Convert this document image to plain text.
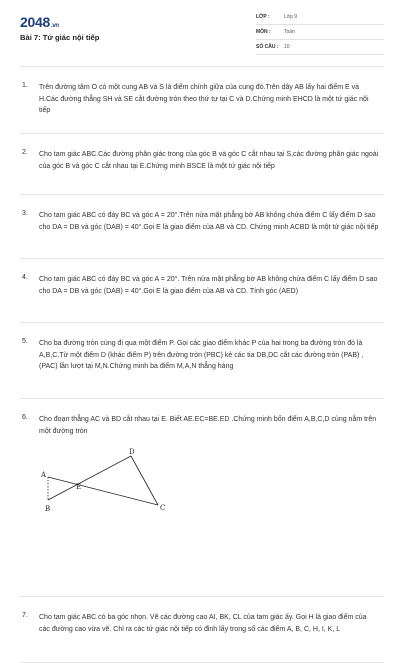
2048.vn
Bài 7: Tứ giác nội tiếp
LỚP :	Lớp 9
MÔN :	Toán
SỐ CÂU : 10
1. Trên đường tâm O có một cung AB và S là điểm chính giữa của cung đó.Trên dây AB lấy hai điểm E và H.Các đường thẳng SH và SE cắt đường tròn theo thứ tự tại C và D.Chứng minh EHCD là một tứ giác nội tiếp
2. Cho tam giác ABC.Các đường phân giác trong của góc B và góc C cắt nhau tại S,các đường phân giác ngoài của góc B và góc C cắt nhau tại E.Chứng minh BSCE là một tứ giác nội tiếp
3. Cho tam giác ABC có đáy BC và góc A = 20°.Trên nửa mặt phẳng bờ AB không chứa điểm C lấy điểm D sao cho DA = DB và góc (DAB) = 40°.Gọi E là giao điểm của AB và CD. Chứng minh ACBD là một tứ giác nội tiếp
4. Cho tam giác ABC có đáy BC và góc A = 20°. Trên nửa mặt phẳng bờ AB không chứa điểm C lấy điểm D sao cho DA = DB và góc (DAB) = 40°.Gọi E là giao điểm của AB và CD. Tính góc (AED)
5. Cho ba đường tròn cùng đi qua một điểm P. Gọi các giao điểm khác P của hai trong ba đường tròn đó là A,B,C.Từ một điểm D (khác điểm P) trên đường tròn (PBC) kẻ các tia DB,DC cắt các đường tròn (PAB) ,(PAC) lần lượt tại M,N.Chứng minh ba điểm M,A,N thẳng hàng
6. Cho đoạn thẳng AC và BD cắt nhau tại E. Biết AE.EC=BE.ED .Chứng minh bốn điểm A,B,C,D cùng nằm trên một đường tròn
7. Cho tam giác ABC có ba góc nhọn. Vẽ các đường cao AI, BK, CL của tam giác ấy. Gọi H là giao điểm của các đường cao vừa vẽ. Chỉ ra các tứ giác nội tiếp có đỉnh lấy trong số các điểm A, B, C, H, I, K, L
A
B	C
D
E
